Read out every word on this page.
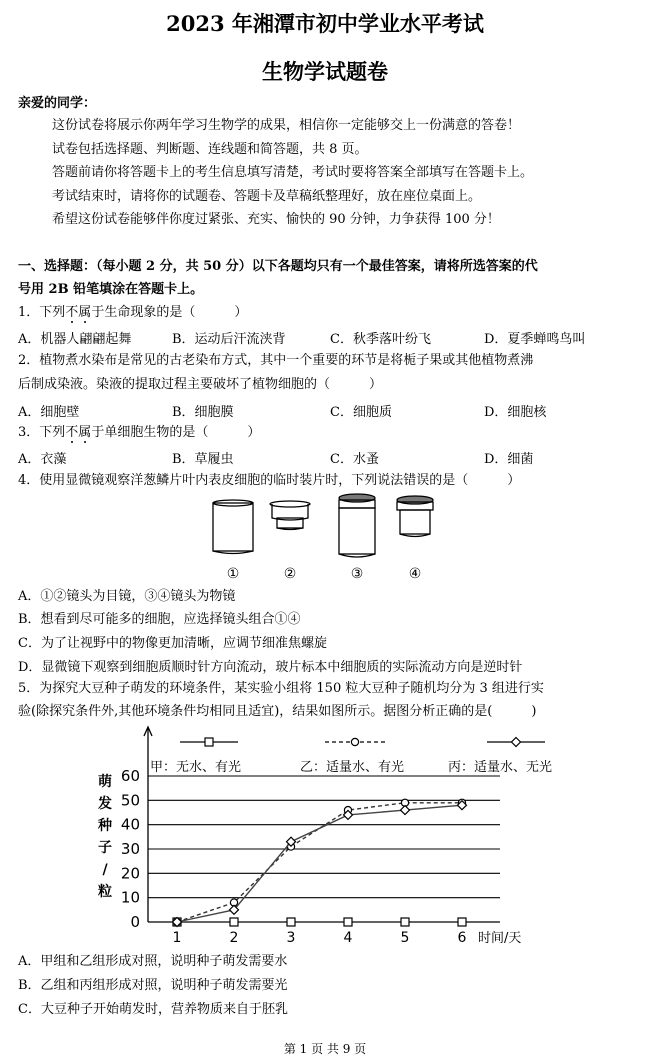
2023 年湘潭市初中学业水平考试
生物学试题卷
亲爱的同学：
这份试卷将展示你两年学习生物学的成果，相信你一定能够交上一份满意的答卷！
试卷包括选择题、判断题、连线题和简答题，共 8 页。
答题前请你将答题卡上的考生信息填写清楚，考试时要将答案全部填写在答题卡上。
考试结束时，请将你的试题卷、答题卡及草稿纸整理好，放在座位桌面上。
希望这份试卷能够伴你度过紧张、充实、愉快的 90 分钟，力争获得 100 分！
一、选择题：（每小题 2 分，共 50 分）以下各题均只有一个最佳答案，请将所选答案的代
号用 2B 铅笔填涂在答题卡上。
1．下列不属于生命现象的是（　　　）
A．机器人翩翩起舞	B．运动后汗流浃背	C．秋季落叶纷飞	D．夏季蝉鸣鸟叫
2．植物煮水染布是常见的古老染布方式，其中一个重要的环节是将栀子果或其他植物煮沸
后制成染液。染液的提取过程主要破坏了植物细胞的（　　　）
A．细胞壁	B．细胞膜	C．细胞质	D．细胞核
3．下列不属于单细胞生物的是（　　　）
A．衣藻	B．草履虫	C．水蚤	D．细菌
4．使用显微镜观察洋葱鳞片叶内表皮细胞的临时装片时，下列说法错误的是（　　　）
①	②	③	④
A．①②镜头为目镜，③④镜头为物镜
B．想看到尽可能多的细胞，应选择镜头组合①④
C．为了让视野中的物像更加清晰，应调节细准焦螺旋
D．显微镜下观察到细胞质顺时针方向流动，玻片标本中细胞质的实际流动方向是逆时针
5．为探究大豆种子萌发的环境条件，某实验小组将 150 粒大豆种子随机均分为 3 组进行实
验(除探究条件外,其他环境条件均相同且适宜)，结果如图所示。据图分析正确的是(　　　)
0
10
20
30
40
50
60
1	2	3	4	5	6 时间/天
萌
发
种
子
/
粒
甲：无水、有光	乙：适量水、有光	丙：适量水、无光
A．甲组和乙组形成对照，说明种子萌发需要水
B．乙组和丙组形成对照，说明种子萌发需要光
C．大豆种子开始萌发时，营养物质来自于胚乳
第 1 页 共 9 页
